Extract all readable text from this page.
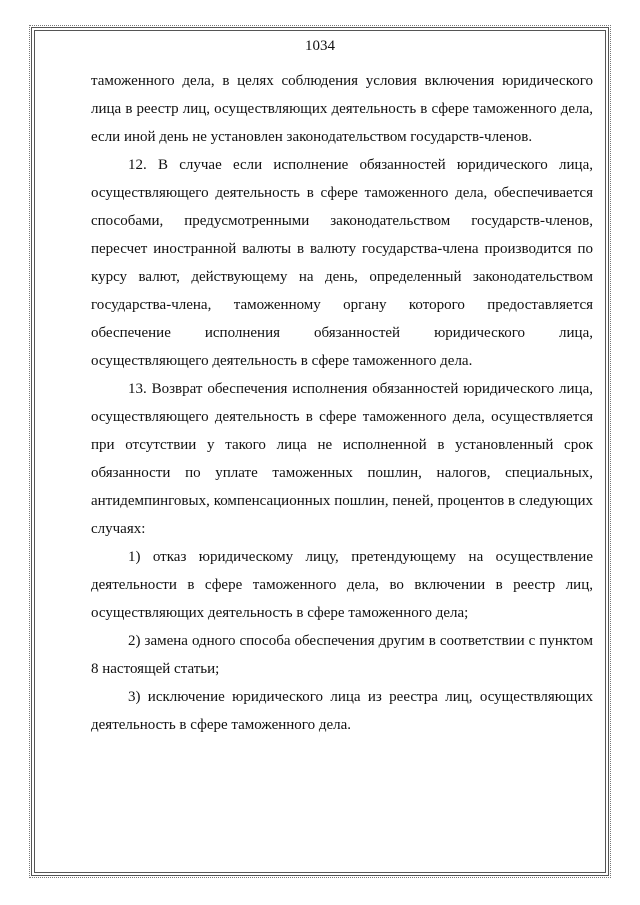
1034

таможенного дела, в целях соблюдения условия включения юридического лица в реестр лиц, осуществляющих деятельность в сфере таможенного дела, если иной день не установлен законодательством государств-членов.

12. В случае если исполнение обязанностей юридического лица, осуществляющего деятельность в сфере таможенного дела, обеспечивается способами, предусмотренными законодательством государств-членов, пересчет иностранной валюты в валюту государства-члена производится по курсу валют, действующему на день, определенный законодательством государства-члена, таможенному органу которого предоставляется обеспечение исполнения обязанностей юридического лица, осуществляющего деятельность в сфере таможенного дела.

13. Возврат обеспечения исполнения обязанностей юридического лица, осуществляющего деятельность в сфере таможенного дела, осуществляется при отсутствии у такого лица не исполненной в установленный срок обязанности по уплате таможенных пошлин, налогов, специальных, антидемпинговых, компенсационных пошлин, пеней, процентов в следующих случаях:

1) отказ юридическому лицу, претендующему на осуществление деятельности в сфере таможенного дела, во включении в реестр лиц, осуществляющих деятельность в сфере таможенного дела;

2) замена одного способа обеспечения другим в соответствии с пунктом 8 настоящей статьи;

3) исключение юридического лица из реестра лиц, осуществляющих деятельность в сфере таможенного дела.
